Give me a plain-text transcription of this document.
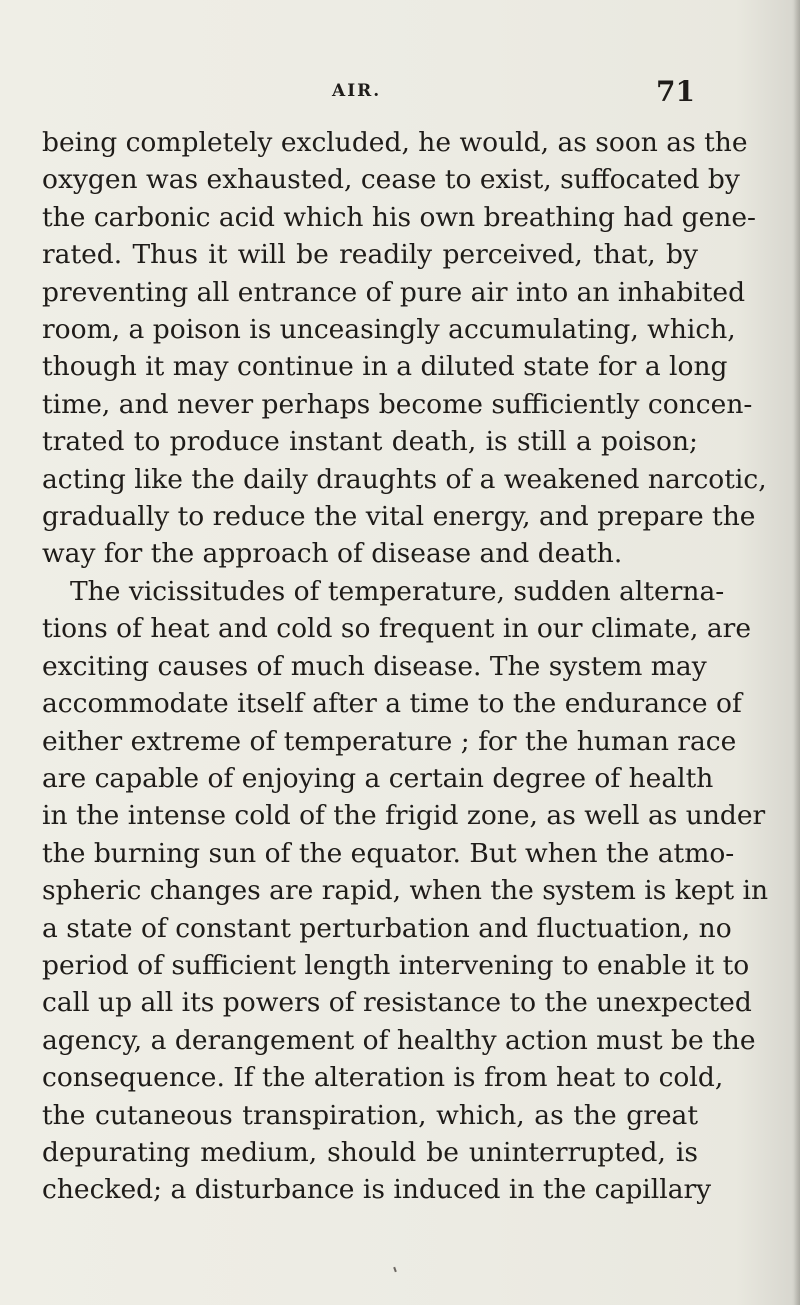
AIR.	71
being completely excluded, he would, as soon as the
oxygen was exhausted, cease to exist, suffocated by
the carbonic acid which his own breathing had gene-
rated. Thus it will be readily perceived, that, by
preventing all entrance of pure air into an inhabited
room, a poison is unceasingly accumulating, which,
though it may continue in a diluted state for a long
time, and never perhaps become sufficiently concen-
trated to produce instant death, is still a poison;
acting like the daily draughts of a weakened narcotic,
gradually to reduce the vital energy, and prepare the
way for the approach of disease and death.
The vicissitudes of temperature, sudden alterna-
tions of heat and cold so frequent in our climate, are
exciting causes of much disease. The system may
accommodate itself after a time to the endurance of
either extreme of temperature ; for the human race
are capable of enjoying a certain degree of health
in the intense cold of the frigid zone, as well as under
the burning sun of the equator. But when the atmo-
spheric changes are rapid, when the system is kept in
a state of constant perturbation and fluctuation, no
period of sufficient length intervening to enable it to
call up all its powers of resistance to the unexpected
agency, a derangement of healthy action must be the
consequence. If the alteration is from heat to cold,
the cutaneous transpiration, which, as the great
depurating medium, should be uninterrupted, is
checked; a disturbance is induced in the capillary
